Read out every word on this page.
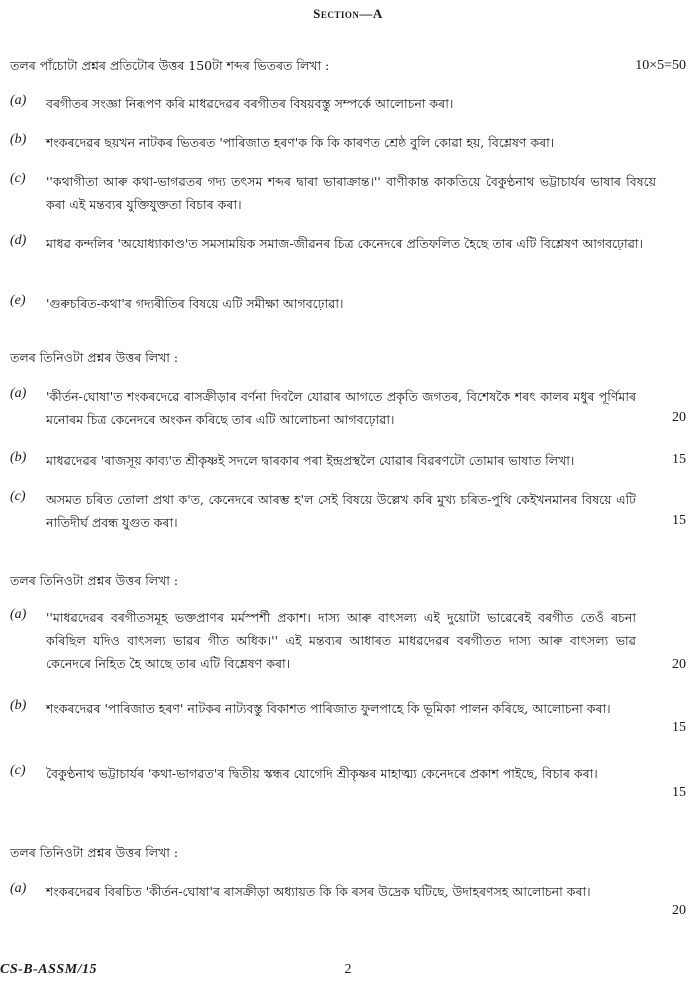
Section—A
তলৰ পাঁচোটা প্ৰশ্নৰ প্ৰতিটোৰ উত্তৰ 150টা শব্দৰ ভিতৰত লিখা :	10×5=50
(a) বৰগীতৰ সংজ্ঞা নিৰূপণ কৰি মাধৱদেৱৰ বৰগীতৰ বিষয়বস্তু সম্পৰ্কে আলোচনা কৰা।
(b) শংকৰদেৱৰ ছয়খন নাটকৰ ভিতৰত 'পাৰিজাত হৰণ'ক কি কি কাৰণত শ্ৰেষ্ঠ বুলি কোৱা হয়, বিশ্লেষণ কৰা।
(c) ''কথাগীতা আৰু কথা-ভাগৱতৰ গদ্য তৎসম শব্দৰ দ্বাৰা ভাৰাক্ৰান্ত।'' বাণীকান্ত কাকতিয়ে বৈকুণ্ঠনাথ ভট্টাচাৰ্যৰ ভাষাৰ বিষয়ে কৰা এই মন্তব্যৰ যুক্তিযুক্ততা বিচাৰ কৰা।
(d) মাধৱ কন্দলিৰ 'অযোধ্যাকাণ্ড'ত সমসাময়িক সমাজ-জীৱনৰ চিত্ৰ কেনেদৰে প্ৰতিফলিত হৈছে তাৰ এটি বিশ্লেষণ আগবঢ়োৱা।
(e) 'গুৰুচৰিত-কথা'ৰ গদ্যৰীতিৰ বিষয়ে এটি সমীক্ষা আগবঢ়োৱা।
তলৰ তিনিওটা প্ৰশ্নৰ উত্তৰ লিখা :
(a) 'কীৰ্তন-ঘোষা'ত শংকৰদেৱে ৰাসক্ৰীড়াৰ বৰ্ণনা দিবলৈ যোৱাৰ আগতে প্ৰকৃতি জগতৰ, বিশেষকৈ শৰৎ কালৰ মধুৰ পূৰ্ণিমাৰ মনোৰম চিত্ৰ কেনেদৰে অংকন কৰিছে তাৰ এটি আলোচনা আগবঢ়োৱা।	20
(b) মাধৱদেৱৰ 'ৰাজসূয় কাব্য'ত শ্ৰীকৃষ্ণই সদলে দ্বাৰকাৰ পৰা ইন্দ্ৰপ্ৰস্থলৈ যোৱাৰ বিৱৰণটো তোমাৰ ভাষাত লিখা।	15
(c) অসমত চৰিত তোলা প্ৰথা ক'ত, কেনেদৰে আৰম্ভ হ'ল সেই বিষয়ে উল্লেখ কৰি মুখ্য চৰিত-পুথি কেইখনমানৰ বিষয়ে এটি নাতিদীৰ্ঘ প্ৰবন্ধ যুগুত কৰা।	15
তলৰ তিনিওটা প্ৰশ্নৰ উত্তৰ লিখা :
(a) ''মাধৱদেৱৰ বৰগীতসমূহ ভক্তপ্ৰাণৰ মৰ্মস্পৰ্শী প্ৰকাশ। দাস্য আৰু বাৎসল্য এই দুয়োটা ভাৱেৰেই বৰগীত তেওঁ ৰচনা কৰিছিল যদিও বাৎসল্য ভাৱৰ গীত অধিক।'' এই মন্তব্যৰ আধাৰত মাধৱদেৱৰ বৰগীতত দাস্য আৰু বাৎসল্য ভাৱ কেনেদৰে নিহিত হৈ আছে তাৰ এটি বিশ্লেষণ কৰা।	20
(b) শংকৰদেৱৰ 'পাৰিজাত হৰণ' নাটকৰ নাট্যবস্তু বিকাশত পাৰিজাত ফুলপাহে কি ভূমিকা পালন কৰিছে, আলোচনা কৰা।
15
(c) বৈকুণ্ঠনাথ ভট্টাচাৰ্যৰ 'কথা-ভাগৱত'ৰ দ্বিতীয় স্কন্ধৰ যোগেদি শ্ৰীকৃষ্ণৰ মাহাত্ম্য কেনেদৰে প্ৰকাশ পাইছে, বিচাৰ কৰা।
15
তলৰ তিনিওটা প্ৰশ্নৰ উত্তৰ লিখা :
(a) শংকৰদেৱৰ বিৰচিত 'কীৰ্তন-ঘোষা'ৰ ৰাসক্ৰীড়া অধ্যায়ত কি কি ৰসৰ উদ্ৰেক ঘটিছে, উদাহৰণসহ আলোচনা কৰা।
20
2
CS-B-ASSM/15
